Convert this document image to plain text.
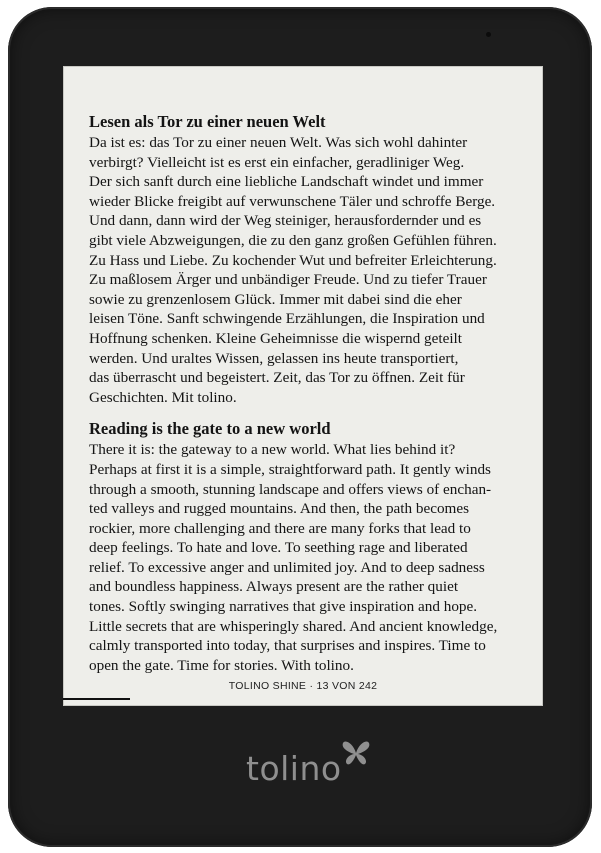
Lesen als Tor zu einer neuen Welt
Da ist es: das Tor zu einer neuen Welt. Was sich wohl dahinter
verbirgt? Vielleicht ist es erst ein einfacher, geradliniger Weg.
Der sich sanft durch eine liebliche Landschaft windet und immer
wieder Blicke freigibt auf verwunschene Täler und schroffe Berge.
Und dann, dann wird der Weg steiniger, herausfordernder und es
gibt viele Abzweigungen, die zu den ganz großen Gefühlen führen.
Zu Hass und Liebe. Zu kochender Wut und befreiter Erleichterung.
Zu maßlosem Ärger und unbändiger Freude. Und zu tiefer Trauer
sowie zu grenzenlosem Glück. Immer mit dabei sind die eher
leisen Töne. Sanft schwingende Erzählungen, die Inspiration und
Hoffnung schenken. Kleine Geheimnisse die wispernd geteilt
werden. Und uraltes Wissen, gelassen ins heute transportiert,
das überrascht und begeistert. Zeit, das Tor zu öffnen. Zeit für
Geschichten. Mit tolino.
Reading is the gate to a new world
There it is: the gateway to a new world. What lies behind it?
Perhaps at first it is a simple, straightforward path. It gently winds
through a smooth, stunning landscape and offers views of enchan-
ted valleys and rugged mountains. And then, the path becomes
rockier, more challenging and there are many forks that lead to
deep feelings. To hate and love. To seething rage and liberated
relief. To excessive anger and unlimited joy. And to deep sadness
and boundless happiness. Always present are the rather quiet
tones. Softly swinging narratives that give inspiration and hope.
Little secrets that are whisperingly shared. And ancient knowledge,
calmly transported into today, that surprises and inspires. Time to
open the gate. Time for stories. With tolino.
TOLINO SHINE · 13 VON 242
tolino
